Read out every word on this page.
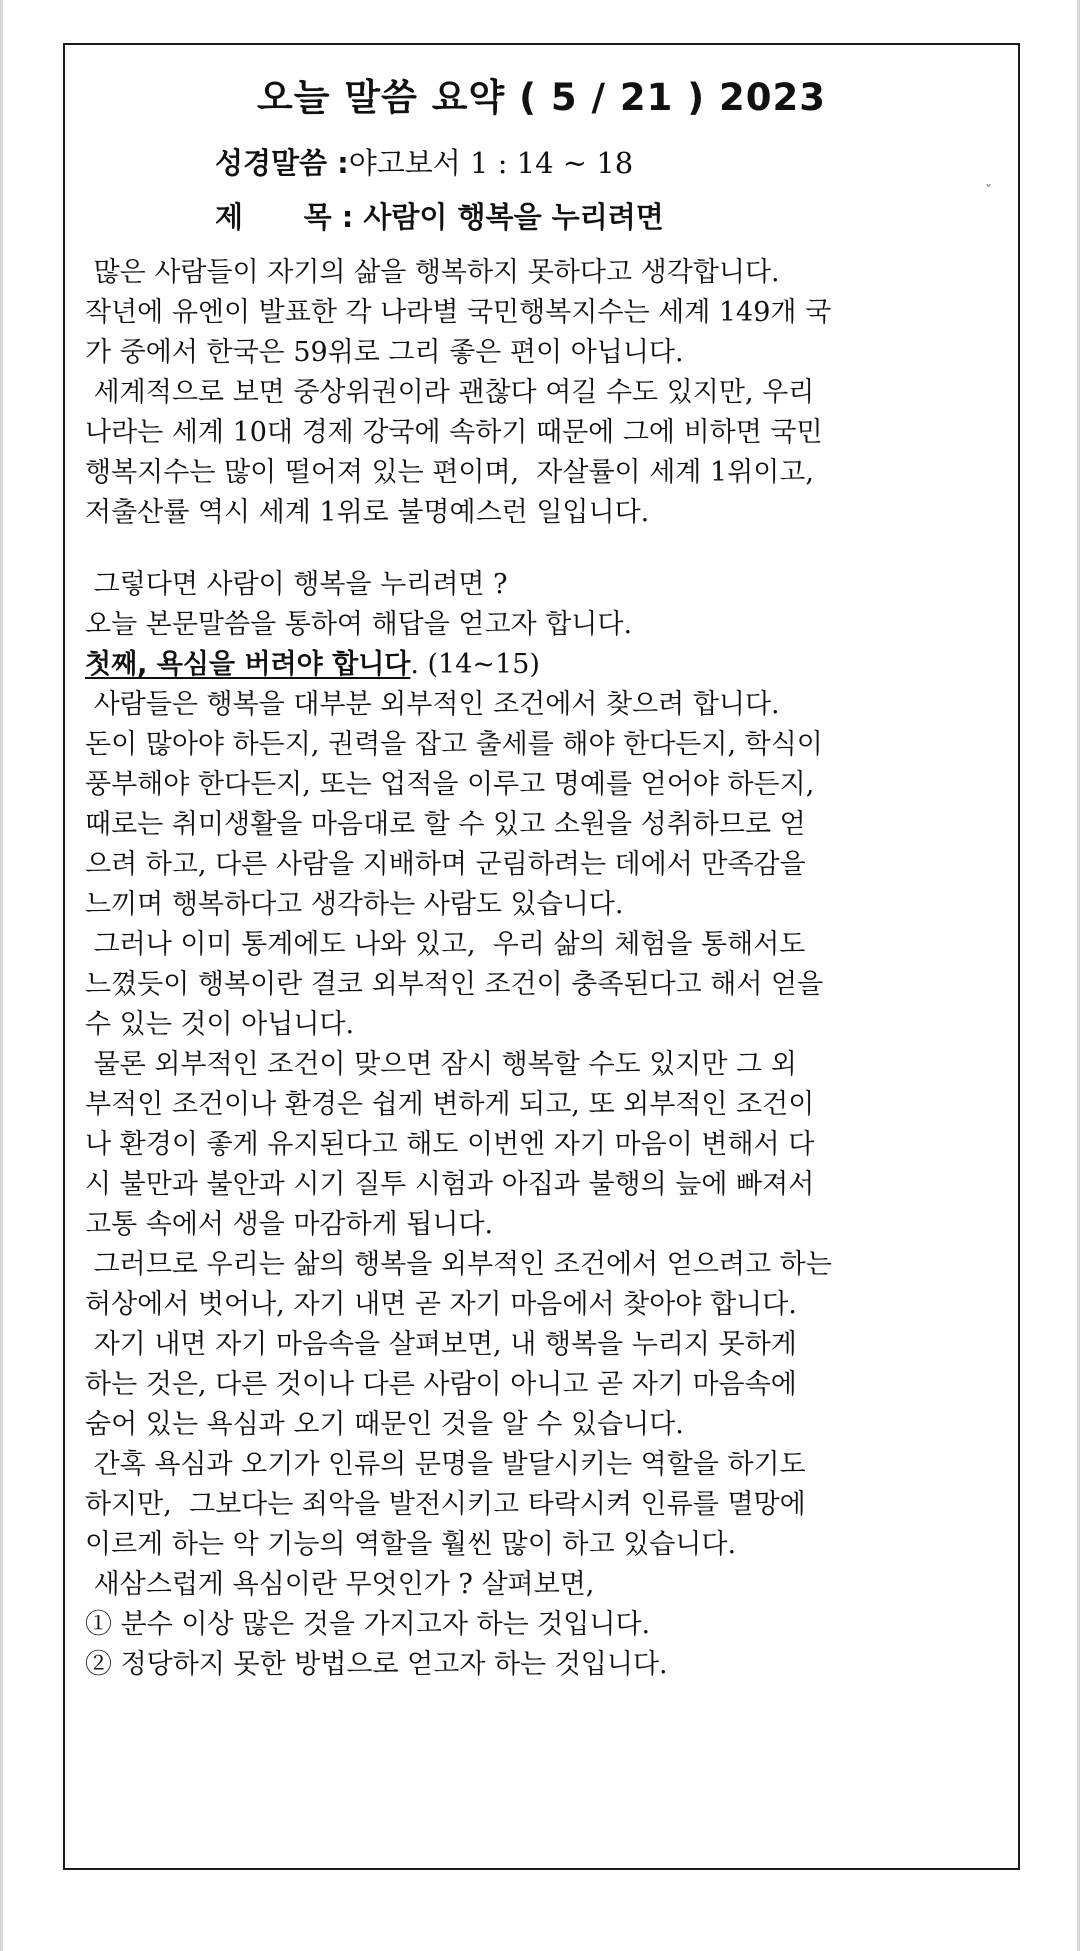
오늘 말씀 요약 ( 5 / 21 ) 2023
성경말씀 :야고보서 1 : 14 ~ 18
제      목 : 사람이 행복을 누리려면
ˇ
많은 사람들이 자기의 삶을 행복하지 못하다고 생각합니다.
작년에 유엔이 발표한 각 나라별 국민행복지수는 세계 149개 국
가 중에서 한국은 59위로 그리 좋은 편이 아닙니다.
세계적으로 보면 중상위권이라 괜찮다 여길 수도 있지만, 우리
나라는 세계 10대 경제 강국에 속하기 때문에 그에 비하면 국민
행복지수는 많이 떨어져 있는 편이며,  자살률이 세계 1위이고,
저출산률 역시 세계 1위로 불명예스런 일입니다.
그렇다면 사람이 행복을 누리려면 ?
오늘 본문말씀을 통하여 해답을 얻고자 합니다.
첫째, 욕심을 버려야 합니다. (14~15)
사람들은 행복을 대부분 외부적인 조건에서 찾으려 합니다.
돈이 많아야 하든지, 권력을 잡고 출세를 해야 한다든지, 학식이
풍부해야 한다든지, 또는 업적을 이루고 명예를 얻어야 하든지,
때로는 취미생활을 마음대로 할 수 있고 소원을 성취하므로 얻
으려 하고, 다른 사람을 지배하며 군림하려는 데에서 만족감을
느끼며 행복하다고 생각하는 사람도 있습니다.
그러나 이미 통계에도 나와 있고,  우리 삶의 체험을 통해서도
느꼈듯이 행복이란 결코 외부적인 조건이 충족된다고 해서 얻을
수 있는 것이 아닙니다.
물론 외부적인 조건이 맞으면 잠시 행복할 수도 있지만 그 외
부적인 조건이나 환경은 쉽게 변하게 되고, 또 외부적인 조건이
나 환경이 좋게 유지된다고 해도 이번엔 자기 마음이 변해서 다
시 불만과 불안과 시기 질투 시험과 아집과 불행의 늪에 빠져서
고통 속에서 생을 마감하게 됩니다.
그러므로 우리는 삶의 행복을 외부적인 조건에서 얻으려고 하는
허상에서 벗어나, 자기 내면 곧 자기 마음에서 찾아야 합니다.
자기 내면 자기 마음속을 살펴보면, 내 행복을 누리지 못하게
하는 것은, 다른 것이나 다른 사람이 아니고 곧 자기 마음속에
숨어 있는 욕심과 오기 때문인 것을 알 수 있습니다.
간혹 욕심과 오기가 인류의 문명을 발달시키는 역할을 하기도
하지만,  그보다는 죄악을 발전시키고 타락시켜 인류를 멸망에
이르게 하는 악 기능의 역할을 훨씬 많이 하고 있습니다.
새삼스럽게 욕심이란 무엇인가 ? 살펴보면,
① 분수 이상 많은 것을 가지고자 하는 것입니다.
② 정당하지 못한 방법으로 얻고자 하는 것입니다.
